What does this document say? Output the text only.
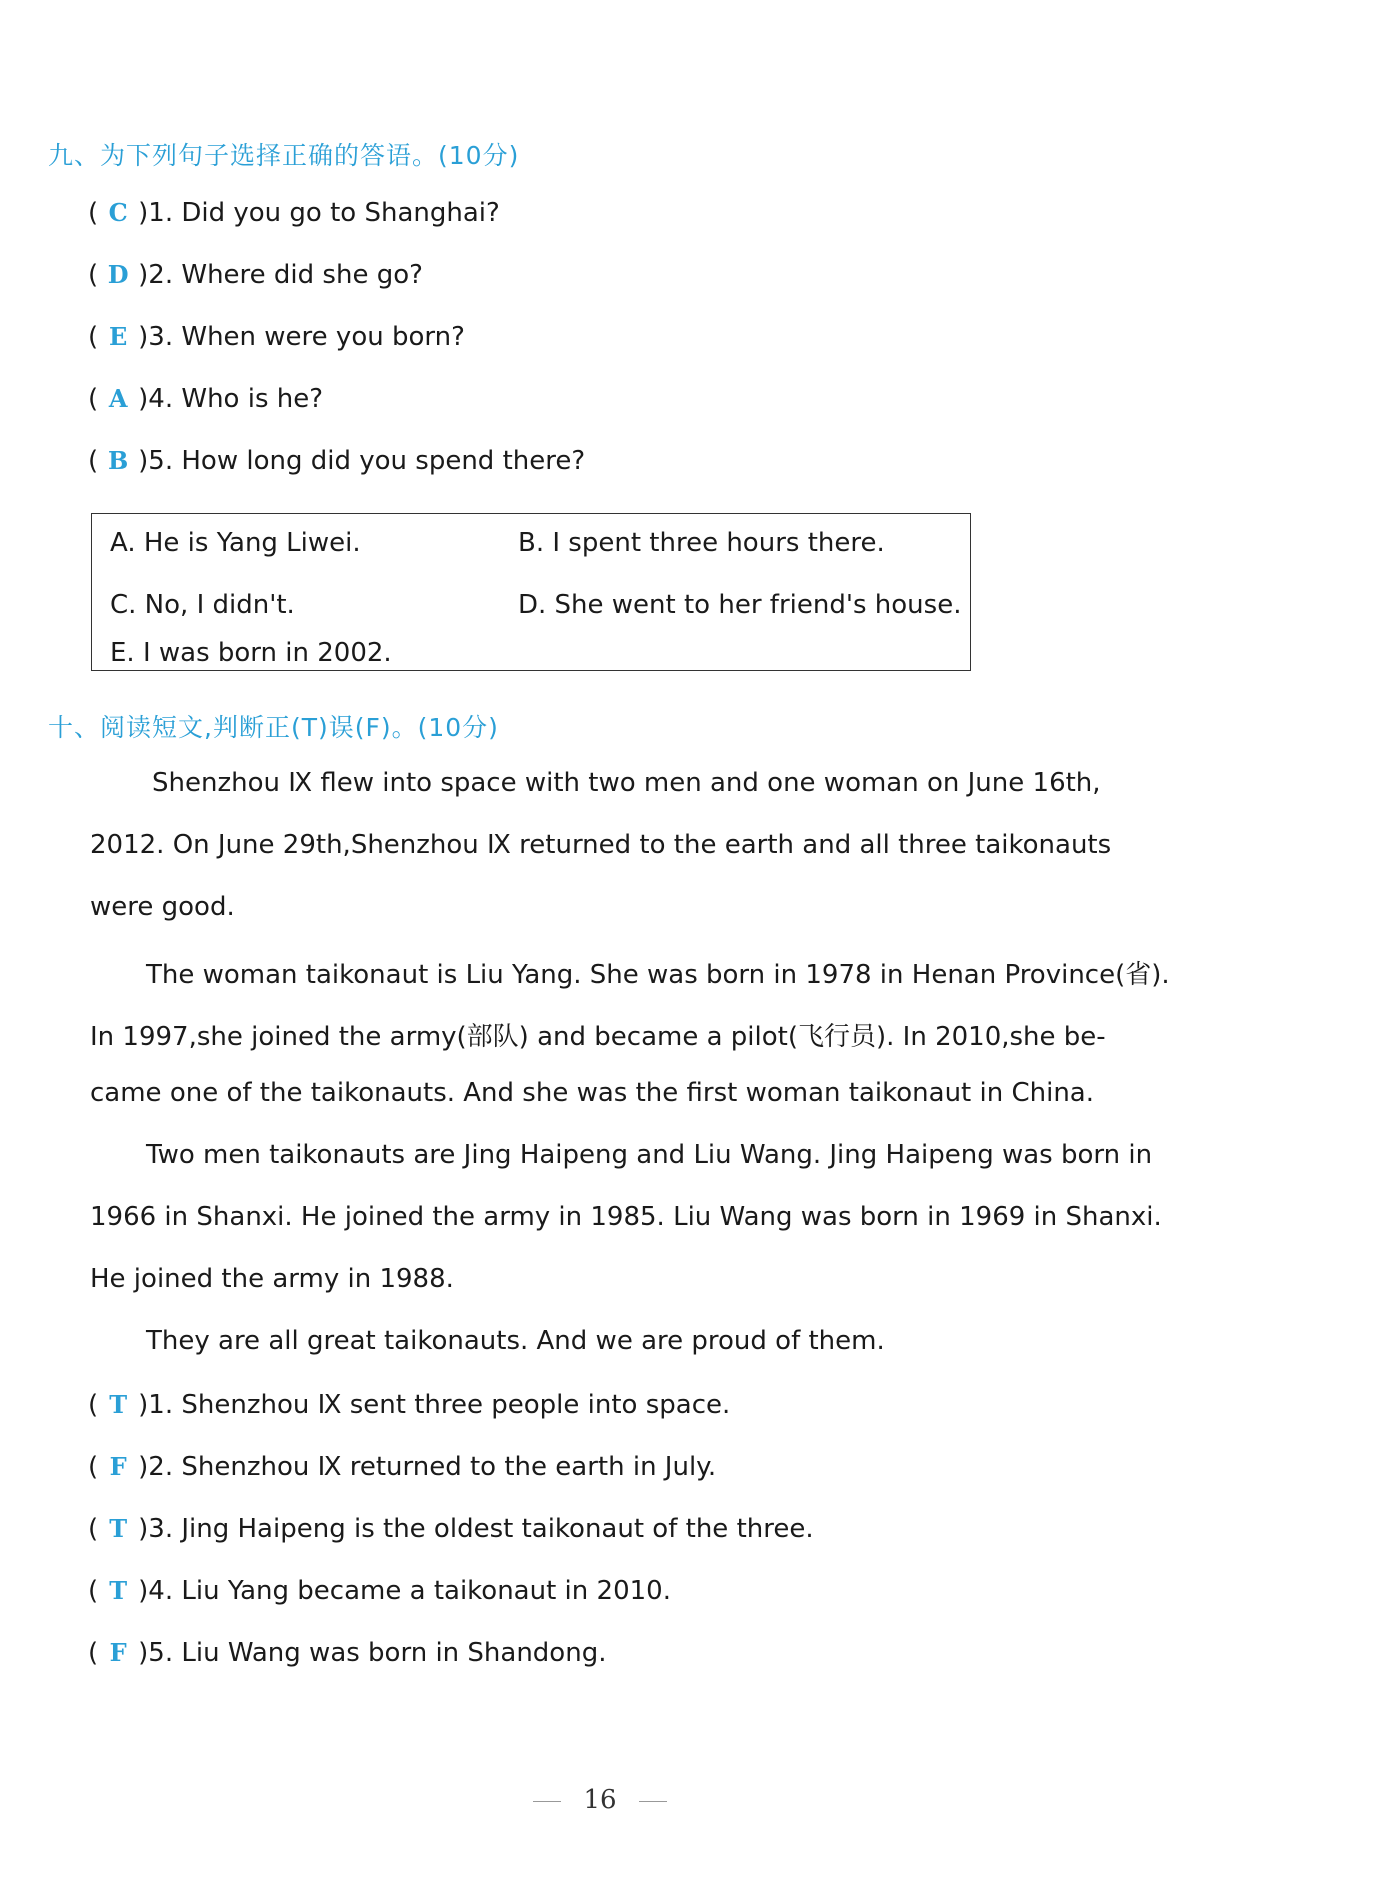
九、为下列句子选择正确的答语。(10分)
( C )1. Did you go to Shanghai?
( D )2. Where did she go?
( E )3. When were you born?
( A )4. Who is he?
( B )5. How long did you spend there?
A. He is Yang Liwei.	B. I spent three hours there.
C. No, I didn't.	D. She went to her friend's house.
E. I was born in 2002.
十、阅读短文,判断正(T)误(F)。(10分)
Shenzhou Ⅸ flew into space with two men and one woman on June 16th,
2012. On June 29th,Shenzhou Ⅸ returned to the earth and all three taikonauts
were good.
The woman taikonaut is Liu Yang. She was born in 1978 in Henan Province(省).
In 1997,she joined the army(部队) and became a pilot(飞行员). In 2010,she be-
came one of the taikonauts. And she was the first woman taikonaut in China.
Two men taikonauts are Jing Haipeng and Liu Wang. Jing Haipeng was born in
1966 in Shanxi. He joined the army in 1985. Liu Wang was born in 1969 in Shanxi.
He joined the army in 1988.
They are all great taikonauts. And we are proud of them.
( T )1. Shenzhou Ⅸ sent three people into space.
( F )2. Shenzhou Ⅸ returned to the earth in July.
( T )3. Jing Haipeng is the oldest taikonaut of the three.
( T )4. Liu Yang became a taikonaut in 2010.
( F )5. Liu Wang was born in Shandong.
16
